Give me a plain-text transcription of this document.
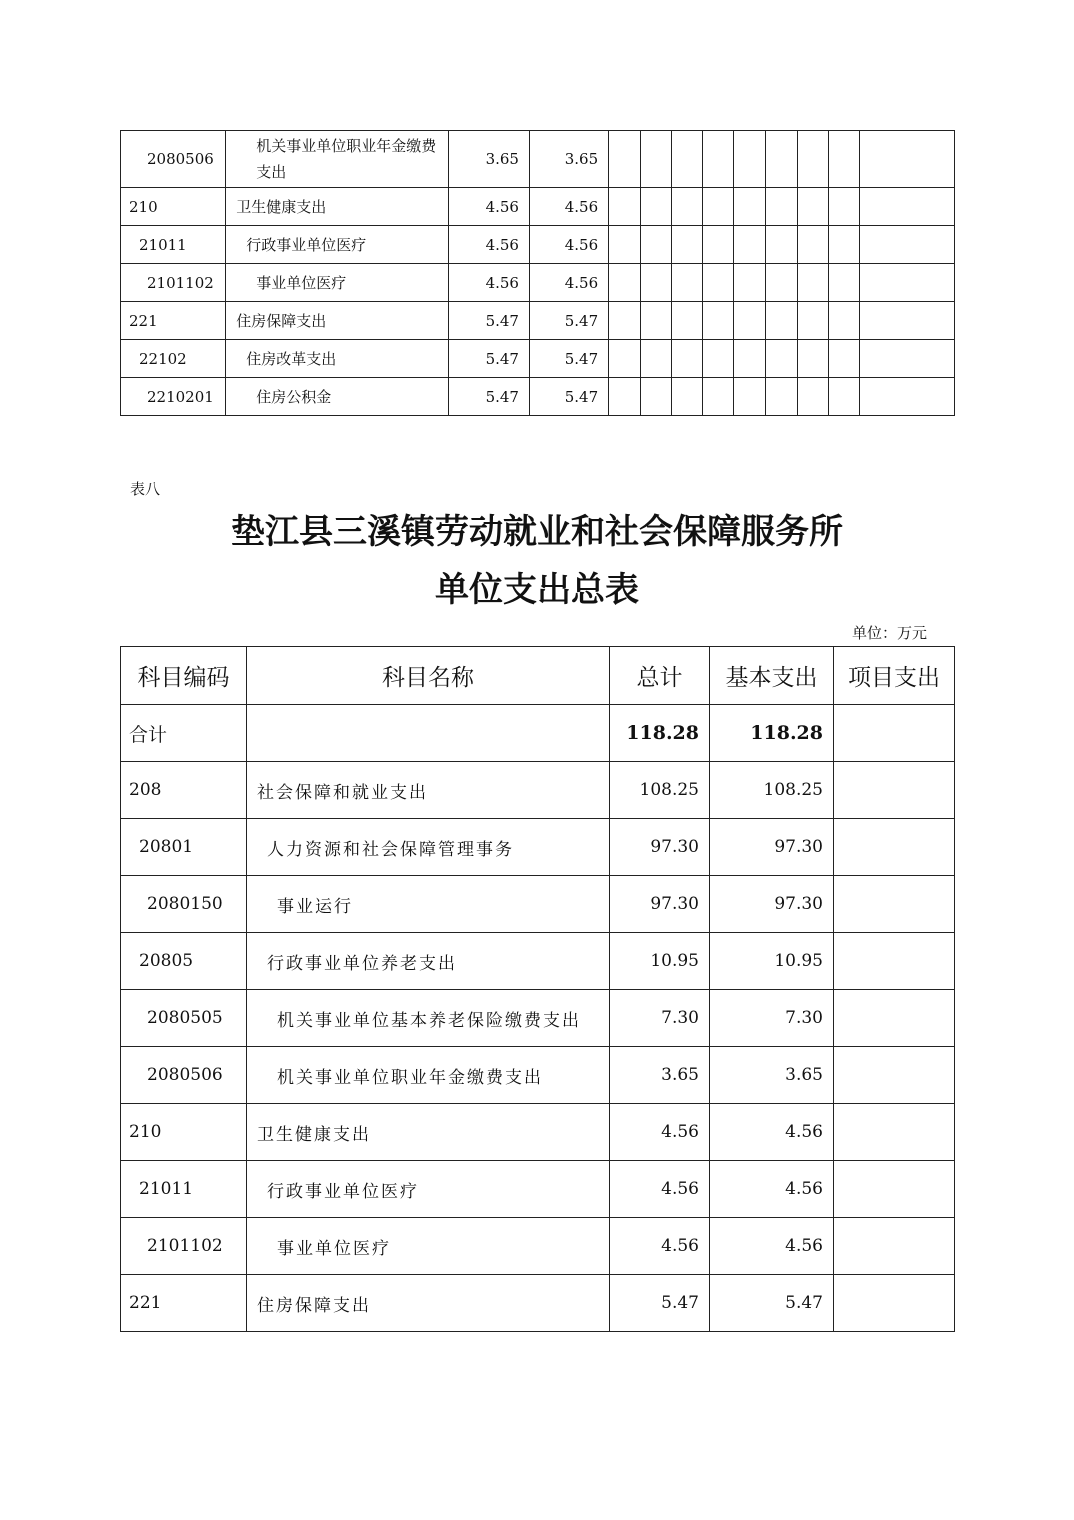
2080506	机关事业单位职业年金缴费支出	3.65	3.65									
210	卫生健康支出	4.56	4.56									
21011	行政事业单位医疗	4.56	4.56									
2101102	事业单位医疗	4.56	4.56									
221	住房保障支出	5.47	5.47									
22102	住房改革支出	5.47	5.47									
2210201	住房公积金	5.47	5.47									
表八
垫江县三溪镇劳动就业和社会保障服务所
单位支出总表
单位：万元
科目编码	科目名称	总计	基本支出	项目支出
合计		118.28	118.28	
208	社会保障和就业支出	108.25	108.25	
20801	人力资源和社会保障管理事务	97.30	97.30	
2080150	事业运行	97.30	97.30	
20805	行政事业单位养老支出	10.95	10.95	
2080505	机关事业单位基本养老保险缴费支出	7.30	7.30	
2080506	机关事业单位职业年金缴费支出	3.65	3.65	
210	卫生健康支出	4.56	4.56	
21011	行政事业单位医疗	4.56	4.56	
2101102	事业单位医疗	4.56	4.56	
221	住房保障支出	5.47	5.47	
